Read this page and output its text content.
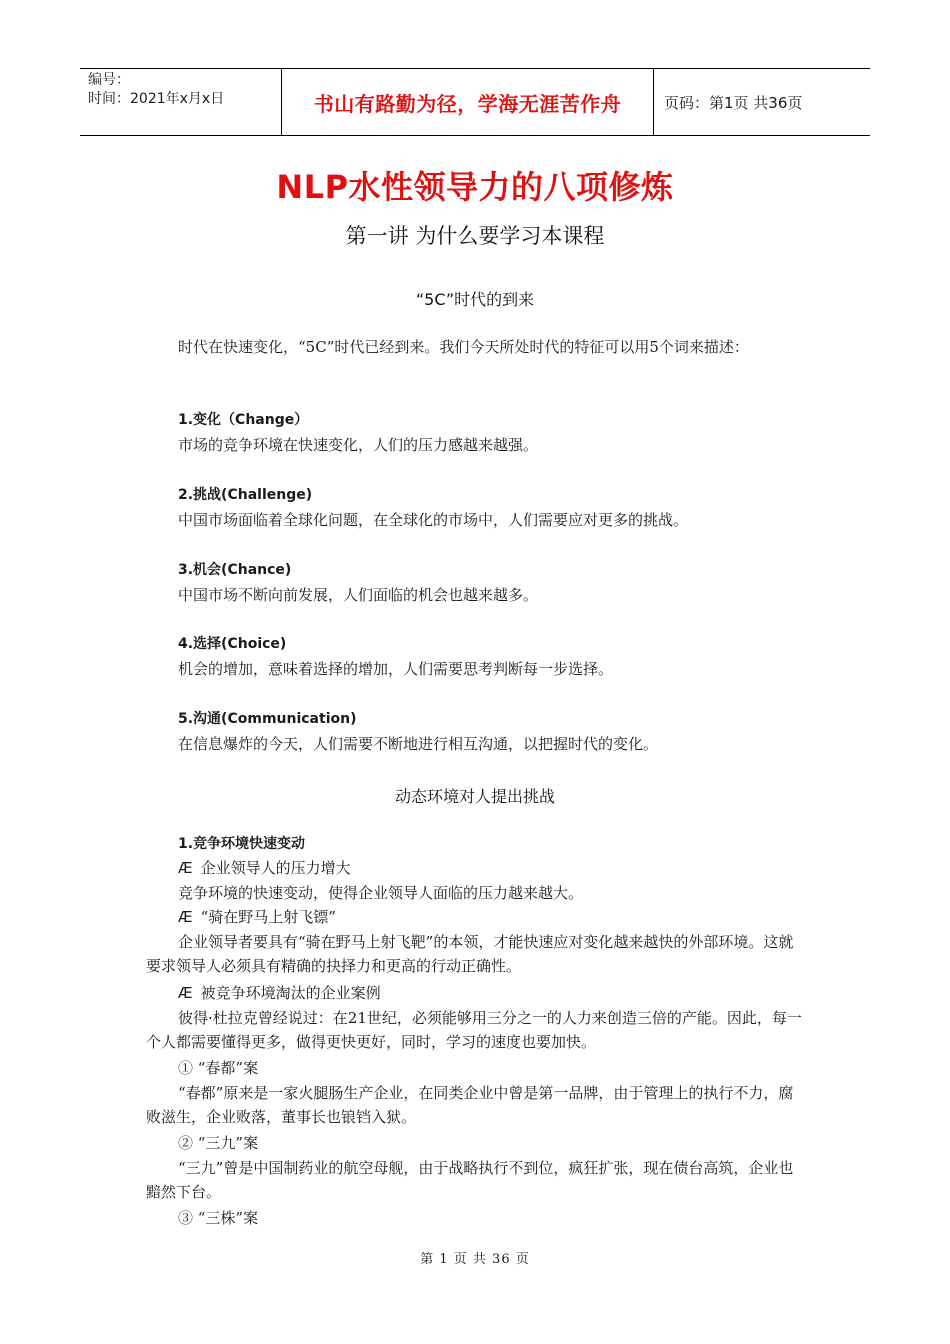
编号：
时间：2021年x月x日	书山有路勤为径，学海无涯苦作舟	页码：第1页 共36页
NLP水性领导力的八项修炼
第一讲 为什么要学习本课程
“5C”时代的到来
时代在快速变化，“5C”时代已经到来。我们今天所处时代的特征可以用5个词来描述：
1.变化（Change）
市场的竞争环境在快速变化，人们的压力感越来越强。
2.挑战(Challenge)
中国市场面临着全球化问题，在全球化的市场中，人们需要应对更多的挑战。
3.机会(Chance)
中国市场不断向前发展，人们面临的机会也越来越多。
4.选择(Choice)
机会的增加，意味着选择的增加，人们需要思考判断每一步选择。
5.沟通(Communication)
在信息爆炸的今天，人们需要不断地进行相互沟通，以把握时代的变化。
动态环境对人提出挑战
1.竞争环境快速变动
Æ 企业领导人的压力增大
竞争环境的快速变动，使得企业领导人面临的压力越来越大。
Æ “骑在野马上射飞镖”
企业领导者要具有“骑在野马上射飞靶”的本领，才能快速应对变化越来越快的外部环境。这就要求领导人必须具有精确的抉择力和更高的行动正确性。
Æ 被竞争环境淘汰的企业案例
彼得·杜拉克曾经说过：在21世纪，必须能够用三分之一的人力来创造三倍的产能。因此，每一个人都需要懂得更多，做得更快更好，同时，学习的速度也要加快。
① “春都”案
“春都”原来是一家火腿肠生产企业，在同类企业中曾是第一品牌，由于管理上的执行不力，腐败滋生，企业败落，董事长也锒铛入狱。
② “三九”案
“三九”曾是中国制药业的航空母舰，由于战略执行不到位，疯狂扩张，现在债台高筑，企业也黯然下台。
③ “三株”案
第 1 页 共 36 页
